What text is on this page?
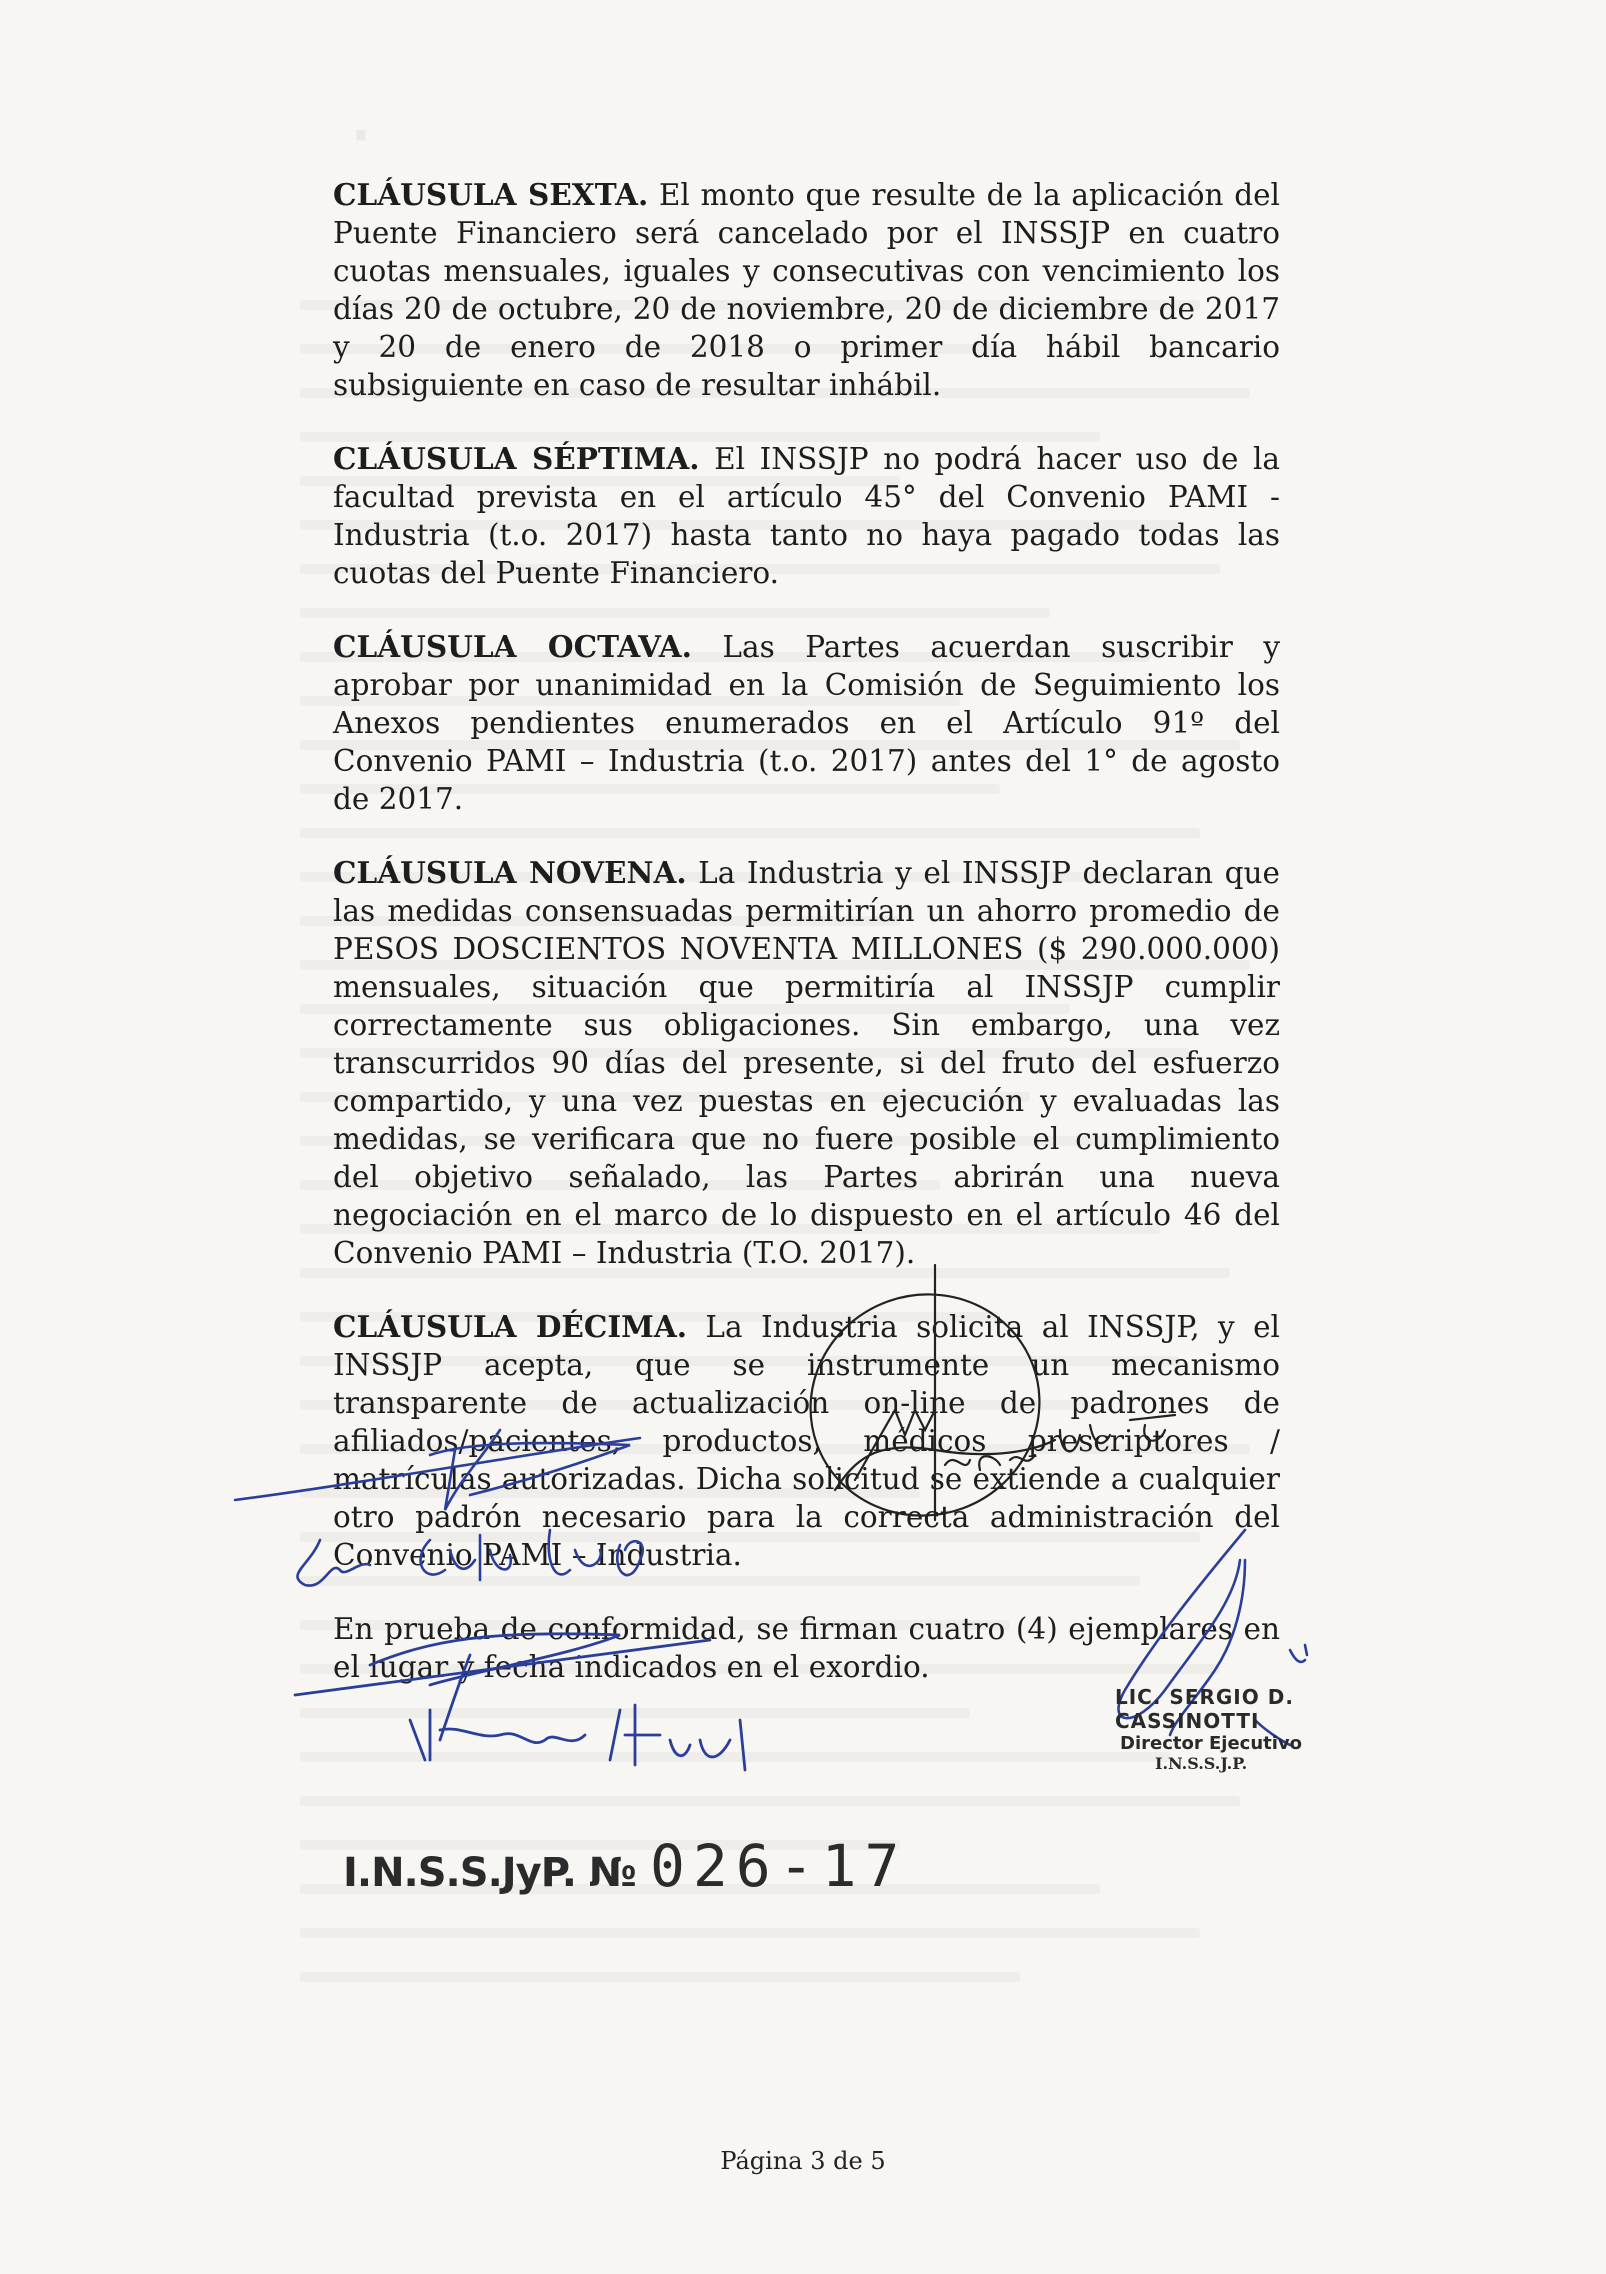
·

CLÁUSULA SEXTA. El monto que resulte de la aplicación del Puente Financiero será cancelado por el INSSJP en cuatro cuotas mensuales, iguales y consecutivas con vencimiento los días 20 de octubre, 20 de noviembre, 20 de diciembre de 2017 y 20 de enero de 2018 o primer día hábil bancario subsiguiente en caso de resultar inhábil.

CLÁUSULA SÉPTIMA. El INSSJP no podrá hacer uso de la facultad prevista en el artículo 45° del Convenio PAMI - Industria (t.o. 2017) hasta tanto no haya pagado todas las cuotas del Puente Financiero.

CLÁUSULA OCTAVA. Las Partes acuerdan suscribir y aprobar por unanimidad en la Comisión de Seguimiento los Anexos pendientes enumerados en el Artículo 91º del Convenio PAMI – Industria (t.o. 2017) antes del 1° de agosto de 2017.

CLÁUSULA NOVENA. La Industria y el INSSJP declaran que las medidas consensuadas permitirían un ahorro promedio de PESOS DOSCIENTOS NOVENTA MILLONES ($ 290.000.000) mensuales, situación que permitiría al INSSJP cumplir correctamente sus obligaciones. Sin embargo, una vez transcurridos 90 días del presente, si del fruto del esfuerzo compartido, y una vez puestas en ejecución y evaluadas las medidas, se verificara que no fuere posible el cumplimiento del objetivo señalado, las Partes abrirán una nueva negociación en el marco de lo dispuesto en el artículo 46 del Convenio PAMI – Industria (T.O. 2017).

CLÁUSULA DÉCIMA. La Industria solicita al INSSJP, y el INSSJP acepta, que se instrumente un mecanismo transparente de actualización on-line de padrones de afiliados/pacientes, productos, médicos prescriptores / matrículas autorizadas. Dicha solicitud se extiende a cualquier otro padrón necesario para la correcta administración del Convenio PAMI – Industria.

En prueba de conformidad, se firman cuatro (4) ejemplares en el lugar y fecha indicados en el exordio.

LIC. SERGIO D. CASSINOTTI
Director Ejecutivo
I.N.S.S.J.P.
I.N.S.S.JyP. № 026-17
Página 3 de 5
